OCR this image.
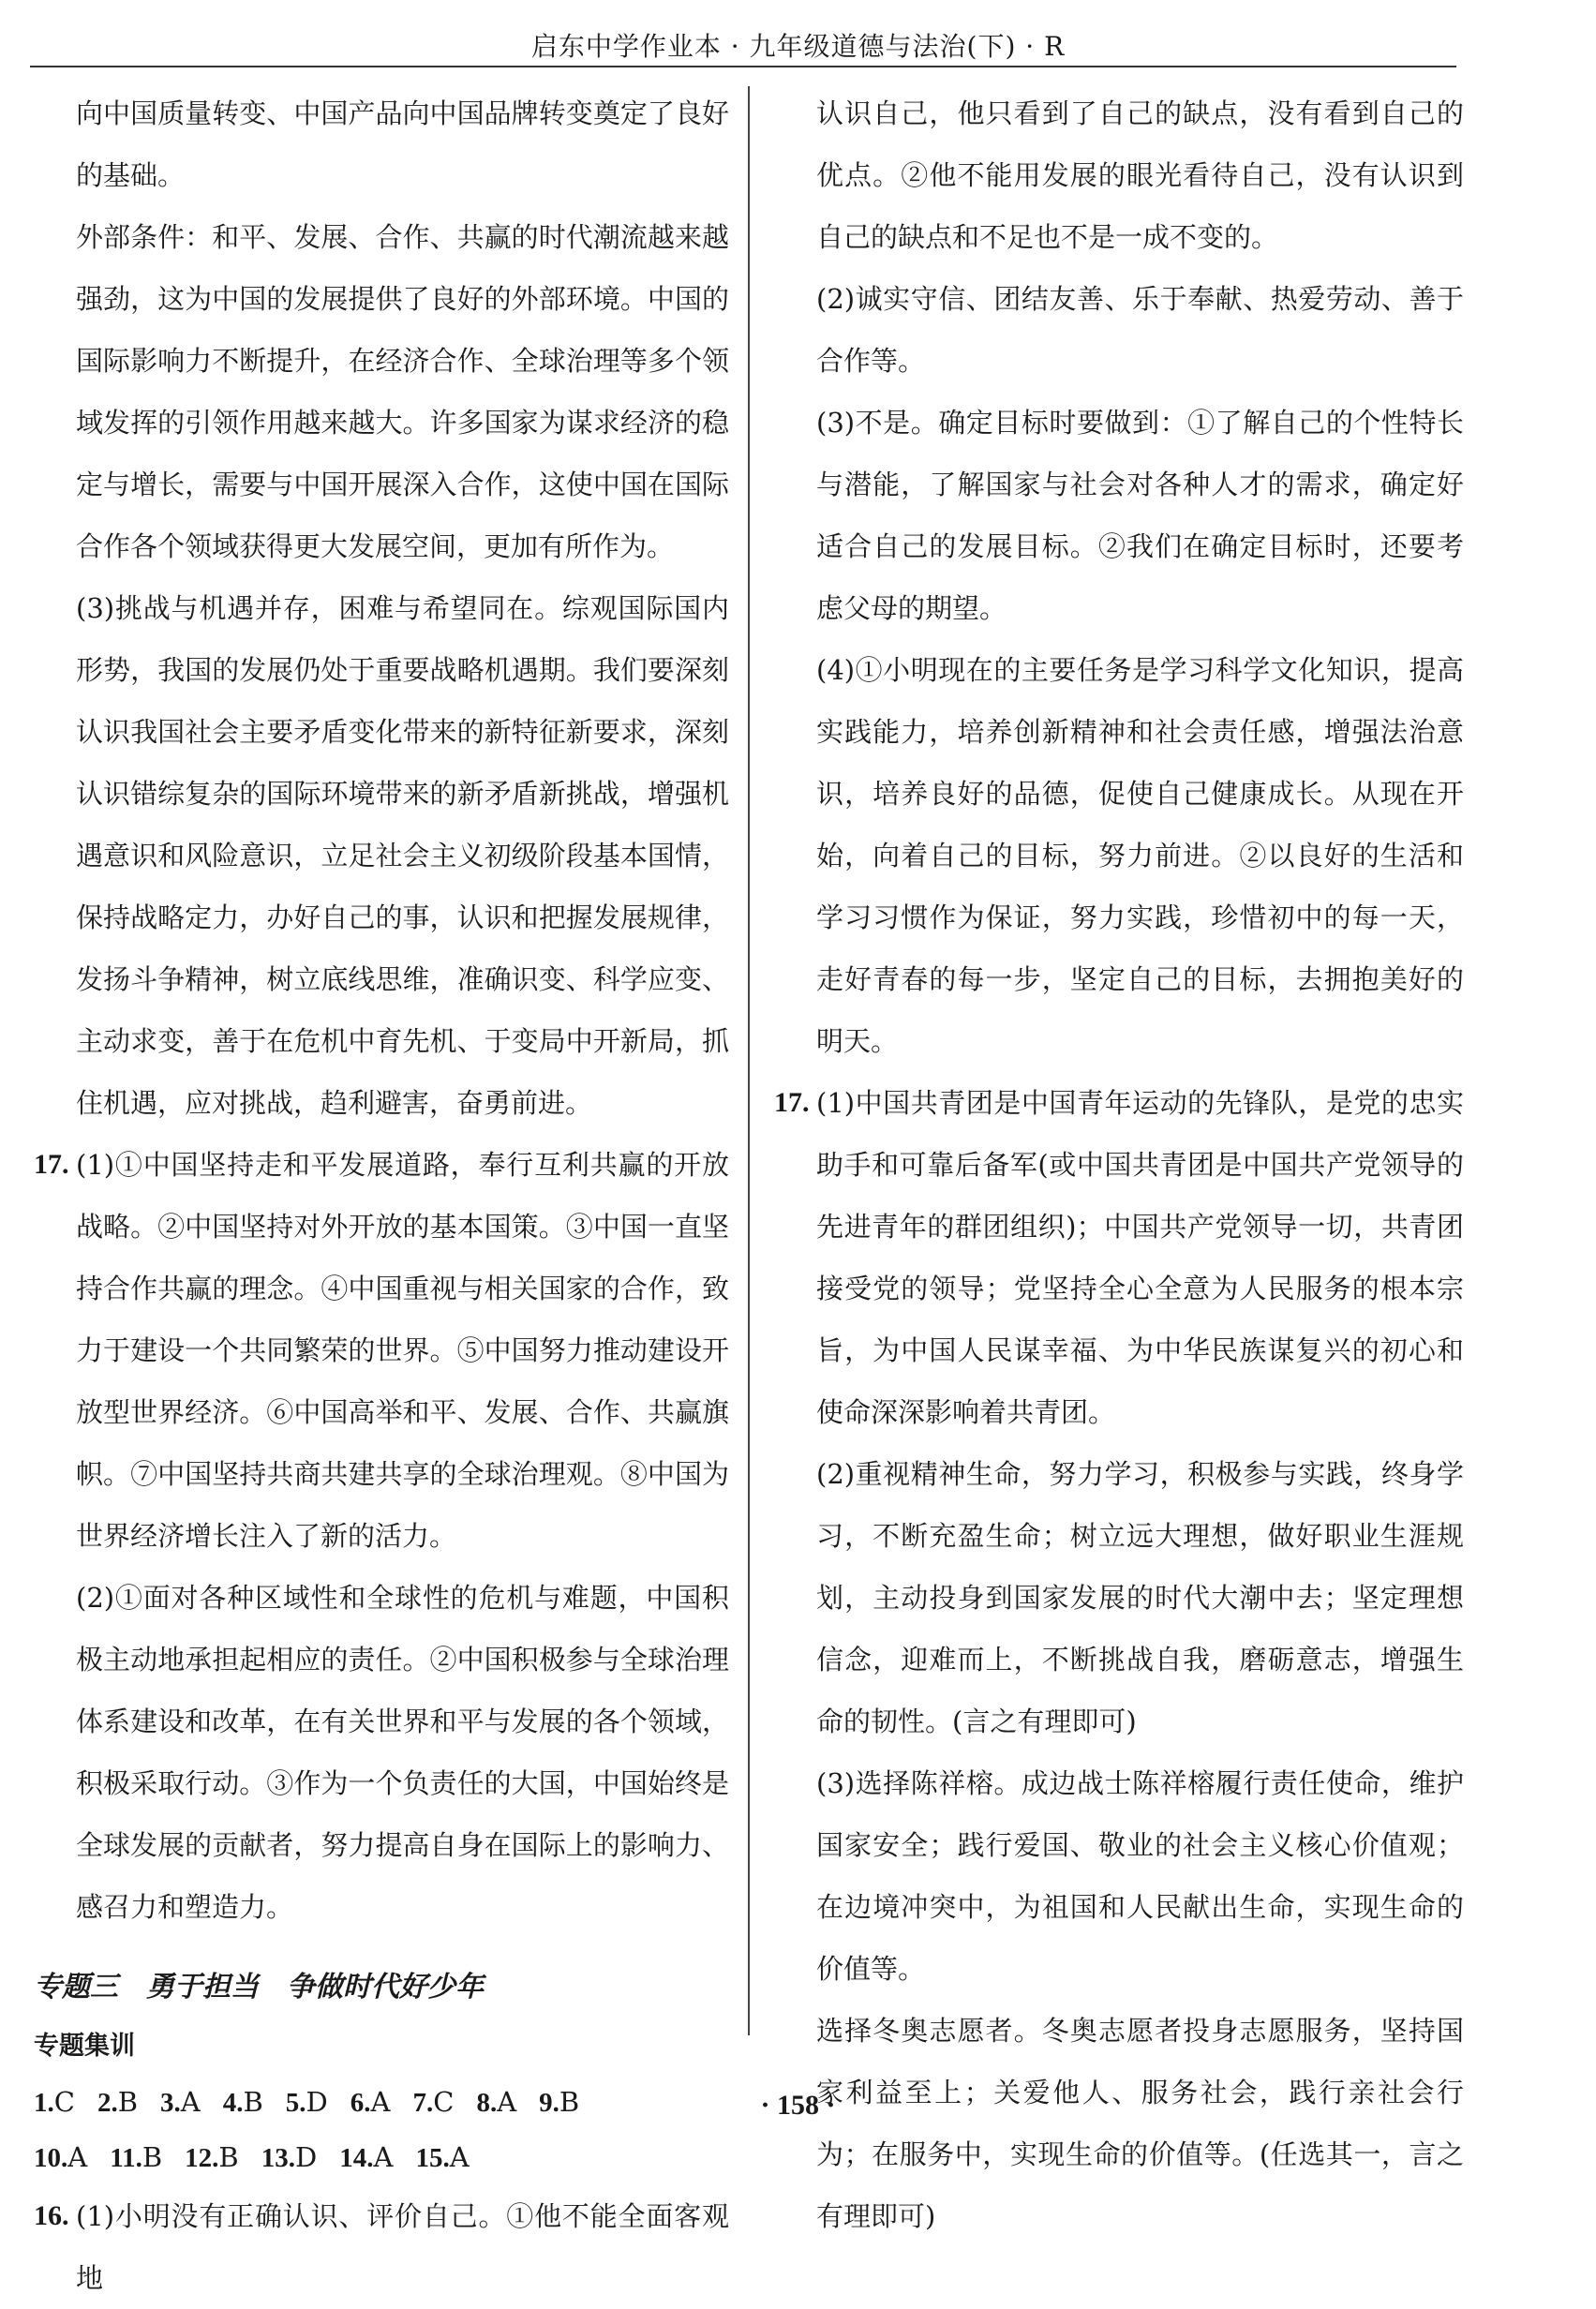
启东中学作业本 · 九年级道德与法治(下) · R

向中国质量转变、中国产品向中国品牌转变奠定了良好的基础。

外部条件：和平、发展、合作、共赢的时代潮流越来越强劲，这为中国的发展提供了良好的外部环境。中国的国际影响力不断提升，在经济合作、全球治理等多个领域发挥的引领作用越来越大。许多国家为谋求经济的稳定与增长，需要与中国开展深入合作，这使中国在国际合作各个领域获得更大发展空间，更加有所作为。

(3)挑战与机遇并存，困难与希望同在。综观国际国内形势，我国的发展仍处于重要战略机遇期。我们要深刻认识我国社会主要矛盾变化带来的新特征新要求，深刻认识错综复杂的国际环境带来的新矛盾新挑战，增强机遇意识和风险意识，立足社会主义初级阶段基本国情，保持战略定力，办好自己的事，认识和把握发展规律，发扬斗争精神，树立底线思维，准确识变、科学应变、主动求变，善于在危机中育先机、于变局中开新局，抓住机遇，应对挑战，趋利避害，奋勇前进。

17. (1)①中国坚持走和平发展道路，奉行互利共赢的开放战略。②中国坚持对外开放的基本国策。③中国一直坚持合作共赢的理念。④中国重视与相关国家的合作，致力于建设一个共同繁荣的世界。⑤中国努力推动建设开放型世界经济。⑥中国高举和平、发展、合作、共赢旗帜。⑦中国坚持共商共建共享的全球治理观。⑧中国为世界经济增长注入了新的活力。

(2)①面对各种区域性和全球性的危机与难题，中国积极主动地承担起相应的责任。②中国积极参与全球治理体系建设和改革，在有关世界和平与发展的各个领域，积极采取行动。③作为一个负责任的大国，中国始终是全球发展的贡献者，努力提高自身在国际上的影响力、感召力和塑造力。

专题三　勇于担当　争做时代好少年
专题集训
1.C 2.B 3.A 4.B 5.D 6.A 7.C 8.A 9.B
10.A 11.B 12.B 13.D 14.A 15.A
16. (1)小明没有正确认识、评价自己。①他不能全面客观地

认识自己，他只看到了自己的缺点，没有看到自己的优点。②他不能用发展的眼光看待自己，没有认识到自己的缺点和不足也不是一成不变的。

(2)诚实守信、团结友善、乐于奉献、热爱劳动、善于合作等。

(3)不是。确定目标时要做到：①了解自己的个性特长与潜能，了解国家与社会对各种人才的需求，确定好适合自己的发展目标。②我们在确定目标时，还要考虑父母的期望。

(4)①小明现在的主要任务是学习科学文化知识，提高实践能力，培养创新精神和社会责任感，增强法治意识，培养良好的品德，促使自己健康成长。从现在开始，向着自己的目标，努力前进。②以良好的生活和学习习惯作为保证，努力实践，珍惜初中的每一天，走好青春的每一步，坚定自己的目标，去拥抱美好的明天。

17. (1)中国共青团是中国青年运动的先锋队，是党的忠实助手和可靠后备军(或中国共青团是中国共产党领导的先进青年的群团组织)；中国共产党领导一切，共青团接受党的领导；党坚持全心全意为人民服务的根本宗旨，为中国人民谋幸福、为中华民族谋复兴的初心和使命深深影响着共青团。

(2)重视精神生命，努力学习，积极参与实践，终身学习，不断充盈生命；树立远大理想，做好职业生涯规划，主动投身到国家发展的时代大潮中去；坚定理想信念，迎难而上，不断挑战自我，磨砺意志，增强生命的韧性。(言之有理即可)

(3)选择陈祥榕。成边战士陈祥榕履行责任使命，维护国家安全；践行爱国、敬业的社会主义核心价值观；在边境冲突中，为祖国和人民献出生命，实现生命的价值等。

选择冬奥志愿者。冬奥志愿者投身志愿服务，坚持国家利益至上；关爱他人、服务社会，践行亲社会行为；在服务中，实现生命的价值等。(任选其一，言之有理即可)

· 158 ·
